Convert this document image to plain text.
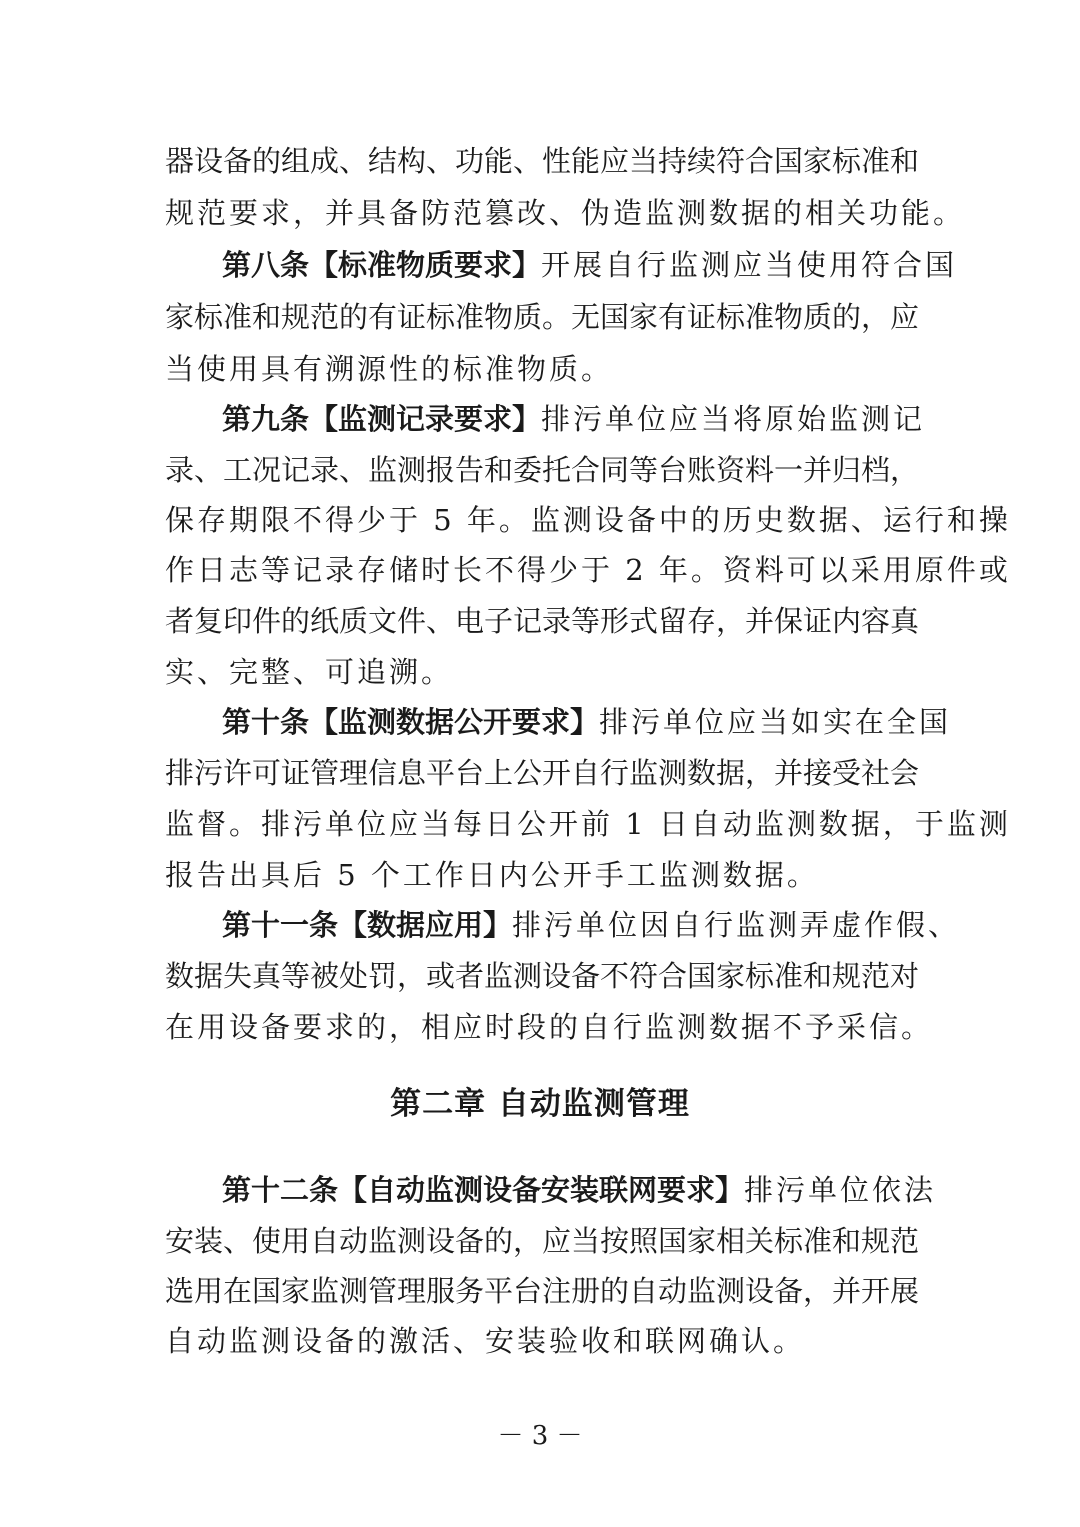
器设备的组成、结构、功能、性能应当持续符合国家标准和
规范要求，并具备防范篡改、伪造监测数据的相关功能。
第八条【标准物质要求】开展自行监测应当使用符合国
家标准和规范的有证标准物质。无国家有证标准物质的，应
当使用具有溯源性的标准物质。
第九条【监测记录要求】排污单位应当将原始监测记
录、工况记录、监测报告和委托合同等台账资料一并归档，
保存期限不得少于 5 年。监测设备中的历史数据、运行和操
作日志等记录存储时长不得少于 2 年。资料可以采用原件或
者复印件的纸质文件、电子记录等形式留存，并保证内容真
实、完整、可追溯。
第十条【监测数据公开要求】排污单位应当如实在全国
排污许可证管理信息平台上公开自行监测数据，并接受社会
监督。排污单位应当每日公开前 1 日自动监测数据，于监测
报告出具后 5 个工作日内公开手工监测数据。
第十一条【数据应用】排污单位因自行监测弄虚作假、
数据失真等被处罚，或者监测设备不符合国家标准和规范对
在用设备要求的，相应时段的自行监测数据不予采信。
第二章 自动监测管理
第十二条【自动监测设备安装联网要求】排污单位依法
安装、使用自动监测设备的，应当按照国家相关标准和规范
选用在国家监测管理服务平台注册的自动监测设备，并开展
自动监测设备的激活、安装验收和联网确认。
－ 3 －
